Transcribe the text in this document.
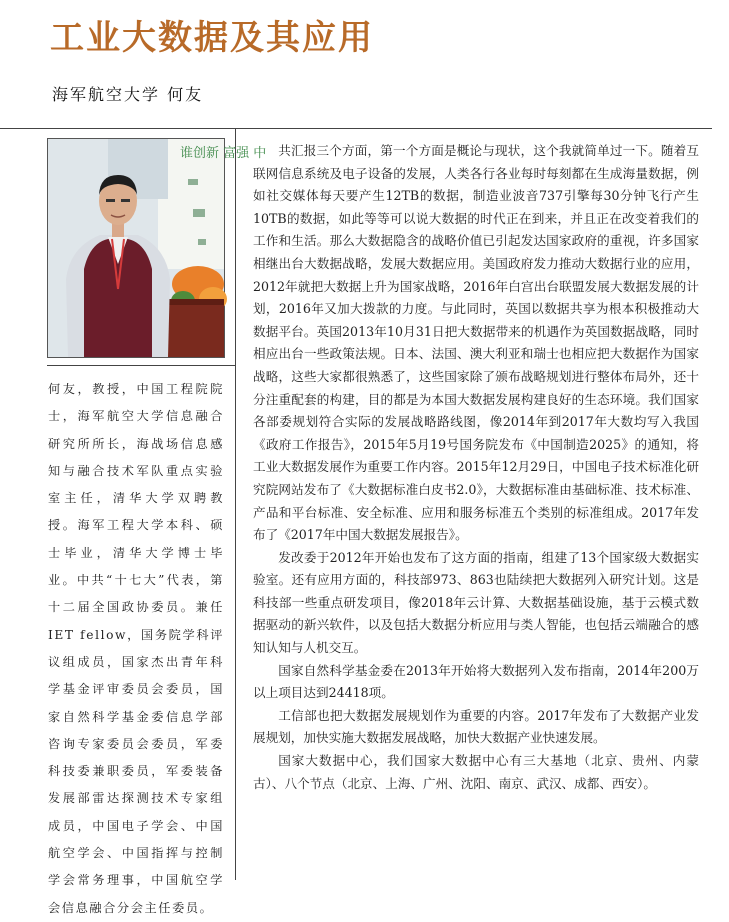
工业大数据及其应用
海军航空大学 何友
谁创新 富强 中

何友，教授，中国工程院院士，海军航空大学信息融合研究所所长，海战场信息感知与融合技术军队重点实验室主任，清华大学双聘教授。海军工程大学本科、硕士毕业，清华大学博士毕业。中共“十七大”代表，第十二届全国政协委员。兼任IET fellow，国务院学科评议组成员，国家杰出青年科学基金评审委员会委员，国家自然科学基金委信息学部咨询专家委员会委员，军委科技委兼职委员，军委装备发展部雷达探测技术专家组成员，中国电子学会、中国航空学会、中国指挥与控制学会常务理事，中国航空学会信息融合分会主任委员。

共汇报三个方面，第一个方面是概论与现状，这个我就简单过一下。随着互联网信息系统及电子设备的发展，人类各行各业每时每刻都在生成海量数据，例如社交媒体每天要产生12TB的数据，制造业波音737引擎每30分钟飞行产生10TB的数据，如此等等可以说大数据的时代正在到来，并且正在改变着我们的工作和生活。那么大数据隐含的战略价值已引起发达国家政府的重视，许多国家相继出台大数据战略，发展大数据应用。美国政府发力推动大数据行业的应用，2012年就把大数据上升为国家战略，2016年白宫出台联盟发展大数据发展的计划，2016年又加大拨款的力度。与此同时，英国以数据共享为根本积极推动大数据平台。英国2013年10月31日把大数据带来的机遇作为英国数据战略，同时相应出台一些政策法规。日本、法国、澳大利亚和瑞士也相应把大数据作为国家战略，这些大家都很熟悉了，这些国家除了颁布战略规划进行整体布局外，还十分注重配套的构建，目的都是为本国大数据发展构建良好的生态环境。我们国家各部委规划符合实际的发展战略路线图，像2014年到2017年大数均写入我国《政府工作报告》，2015年5月19号国务院发布《中国制造2025》的通知，将工业大数据发展作为重要工作内容。2015年12月29日，中国电子技术标准化研究院网站发布了《大数据标准白皮书2.0》，大数据标准由基础标准、技术标准、产品和平台标准、安全标准、应用和服务标准五个类别的标准组成。2017年发布了《2017年中国大数据发展报告》。

发改委于2012年开始也发布了这方面的指南，组建了13个国家级大数据实验室。还有应用方面的，科技部973、863也陆续把大数据列入研究计划。这是科技部一些重点研发项目，像2018年云计算、大数据基础设施，基于云模式数据驱动的新兴软件，以及包括大数据分析应用与类人智能，也包括云端融合的感知认知与人机交互。

国家自然科学基金委在2013年开始将大数据列入发布指南，2014年200万以上项目达到24418项。

工信部也把大数据发展规划作为重要的内容。2017年发布了大数据产业发展规划，加快实施大数据发展战略，加快大数据产业快速发展。

国家大数据中心，我们国家大数据中心有三大基地（北京、贵州、内蒙古）、八个节点（北京、上海、广州、沈阳、南京、武汉、成都、西安）。
